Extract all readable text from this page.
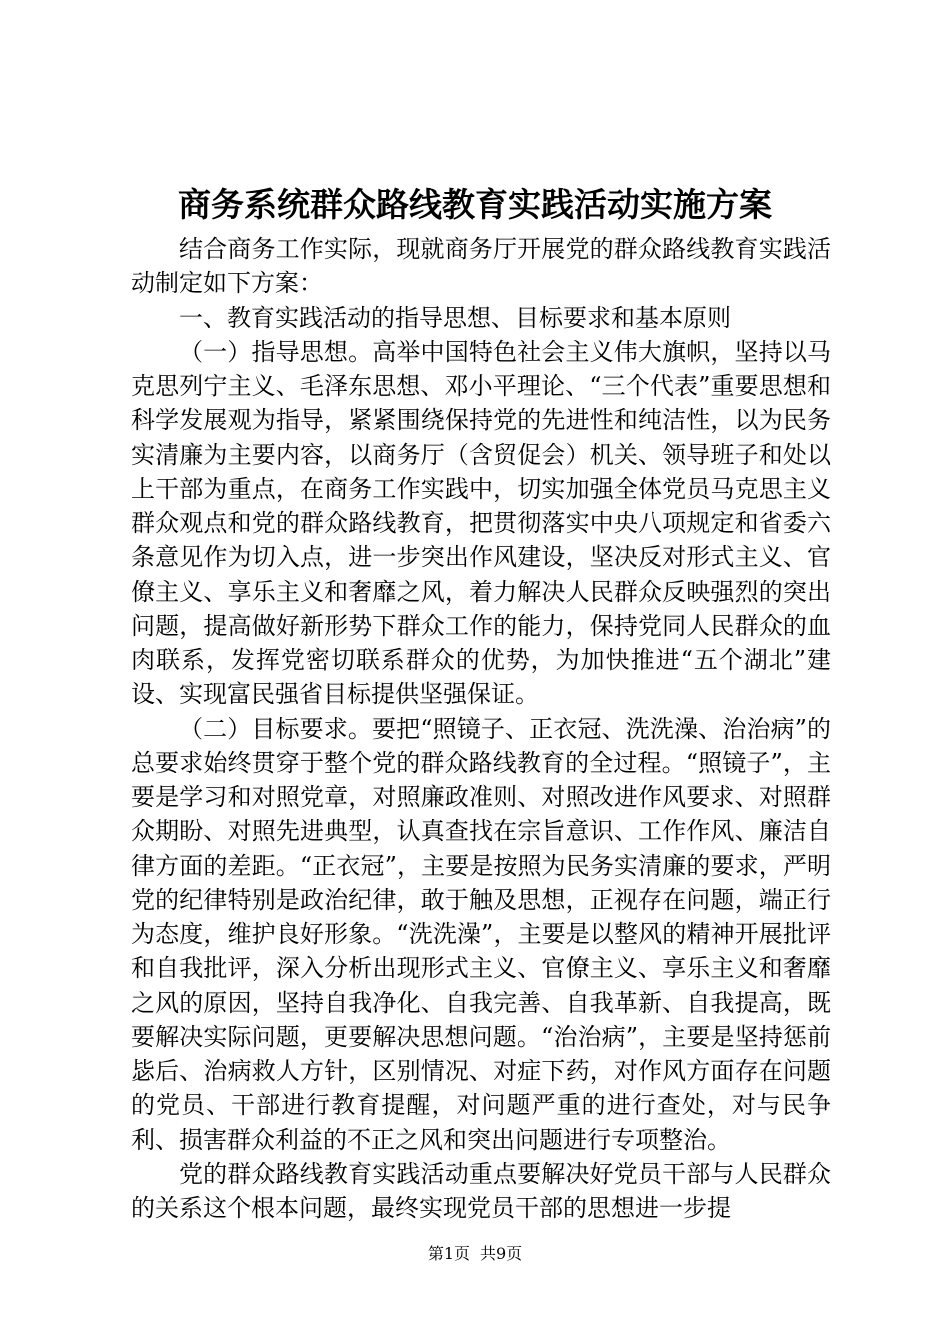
商务系统群众路线教育实践活动实施方案

结合商务工作实际，现就商务厅开展党的群众路线教育实践活动制定如下方案：

一、教育实践活动的指导思想、目标要求和基本原则

（一）指导思想。高举中国特色社会主义伟大旗帜，坚持以马克思列宁主义、毛泽东思想、邓小平理论、“三个代表”重要思想和科学发展观为指导，紧紧围绕保持党的先进性和纯洁性，以为民务实清廉为主要内容，以商务厅（含贸促会）机关、领导班子和处以上干部为重点，在商务工作实践中，切实加强全体党员马克思主义群众观点和党的群众路线教育，把贯彻落实中央八项规定和省委六条意见作为切入点，进一步突出作风建设，坚决反对形式主义、官僚主义、享乐主义和奢靡之风，着力解决人民群众反映强烈的突出问题，提高做好新形势下群众工作的能力，保持党同人民群众的血肉联系，发挥党密切联系群众的优势，为加快推进“五个湖北”建设、实现富民强省目标提供坚强保证。

（二）目标要求。要把“照镜子、正衣冠、洗洗澡、治治病”的总要求始终贯穿于整个党的群众路线教育的全过程。“照镜子”，主要是学习和对照党章，对照廉政准则、对照改进作风要求、对照群众期盼、对照先进典型，认真查找在宗旨意识、工作作风、廉洁自律方面的差距。“正衣冠”，主要是按照为民务实清廉的要求，严明党的纪律特别是政治纪律，敢于触及思想，正视存在问题，端正行为态度，维护良好形象。“洗洗澡”，主要是以整风的精神开展批评和自我批评，深入分析出现形式主义、官僚主义、享乐主义和奢靡之风的原因，坚持自我净化、自我完善、自我革新、自我提高，既要解决实际问题，更要解决思想问题。“治治病”，主要是坚持惩前毖后、治病救人方针，区别情况、对症下药，对作风方面存在问题的党员、干部进行教育提醒，对问题严重的进行查处，对与民争利、损害群众利益的不正之风和突出问题进行专项整治。

党的群众路线教育实践活动重点要解决好党员干部与人民群众的关系这个根本问题，最终实现党员干部的思想进一步提

第1页 共9页
